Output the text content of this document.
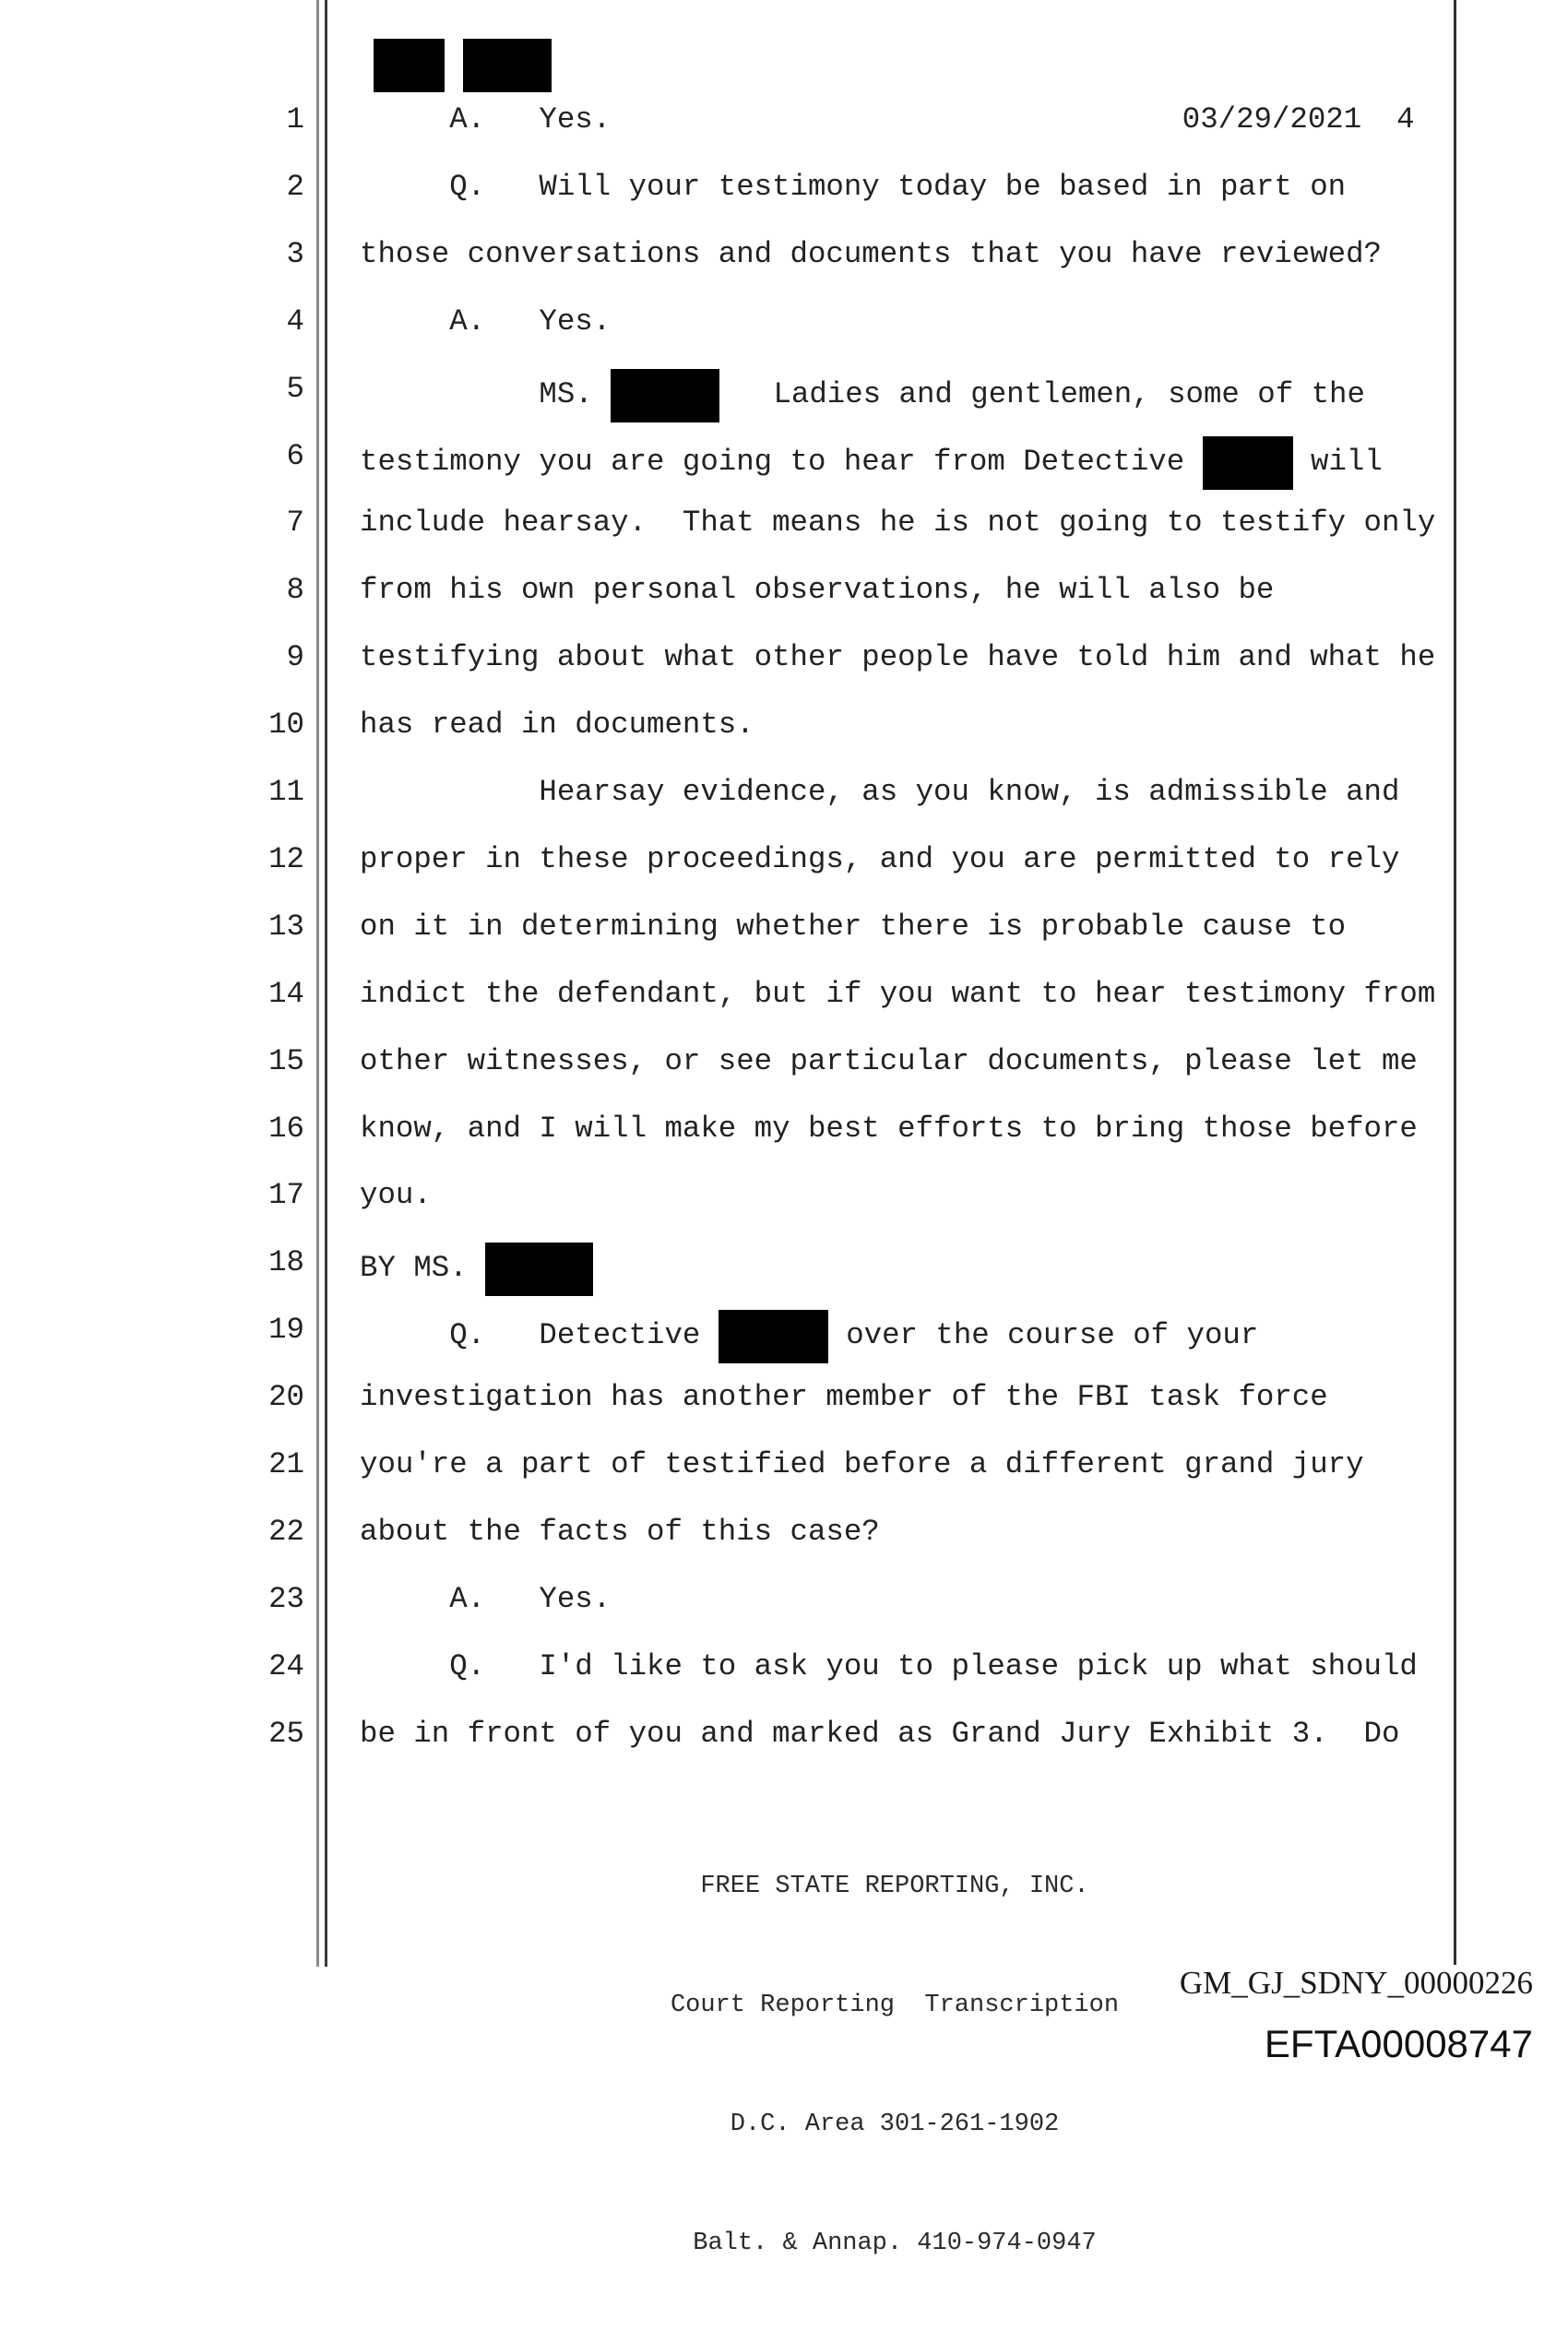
03/29/2021 4

1 A.   Yes.
2 Q.   Will your testimony today be based in part on
3 those conversations and documents that you have reviewed?
4 A.   Yes.
5 MS.	Ladies and gentlemen, some of the
6 testimony you are going to hear from Detective	will
7 include hearsay.  That means he is not going to testify only
8 from his own personal observations, he will also be
9 testifying about what other people have told him and what he
10 has read in documents.
11 Hearsay evidence, as you know, is admissible and
12 proper in these proceedings, and you are permitted to rely
13 on it in determining whether there is probable cause to
14 indict the defendant, but if you want to hear testimony from
15 other witnesses, or see particular documents, please let me
16 know, and I will make my best efforts to bring those before
17 you.
18 BY MS.
19 Q.   Detective	over the course of your
20 investigation has another member of the FBI task force
21 you're a part of testified before a different grand jury
22 about the facts of this case?
23 A.   Yes.
24 Q.   I'd like to ask you to please pick up what should
25 be in front of you and marked as Grand Jury Exhibit 3.  Do

FREE STATE REPORTING, INC.

Court Reporting  Transcription

D.C. Area 301-261-1902

Balt. & Annap. 410-974-0947

GM_GJ_SDNY_00000226
EFTA00008747
